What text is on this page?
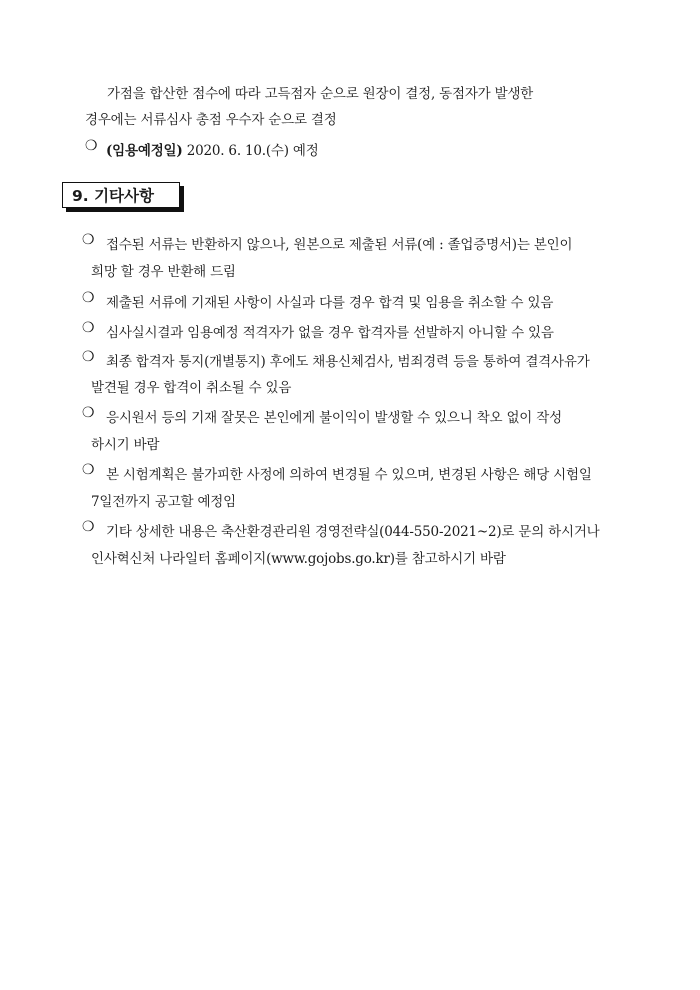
가점을 합산한 점수에 따라 고득점자 순으로 원장이 결정, 동점자가 발생한
경우에는 서류심사 총점 우수자 순으로 결정
❍ (임용예정일) 2020. 6. 10.(수) 예정
9. 기타사항
❍ 접수된 서류는 반환하지 않으나, 원본으로 제출된 서류(예 : 졸업증명서)는 본인이
희망 할 경우 반환해 드림
❍ 제출된 서류에 기재된 사항이 사실과 다를 경우 합격 및 임용을 취소할 수 있음
❍ 심사실시결과 임용예정 적격자가 없을 경우 합격자를 선발하지 아니할 수 있음
❍ 최종 합격자 통지(개별통지) 후에도 채용신체검사, 범죄경력 등을 통하여 결격사유가
발견될 경우 합격이 취소될 수 있음
❍ 응시원서 등의 기재 잘못은 본인에게 불이익이 발생할 수 있으니 착오 없이 작성
하시기 바람
❍ 본 시험계획은 불가피한 사정에 의하여 변경될 수 있으며, 변경된 사항은 해당 시험일
7일전까지 공고할 예정임
❍ 기타 상세한 내용은 축산환경관리원 경영전략실(044-550-2021~2)로 문의 하시거나
인사혁신처 나라일터 홈페이지(www.gojobs.go.kr)를 참고하시기 바람
